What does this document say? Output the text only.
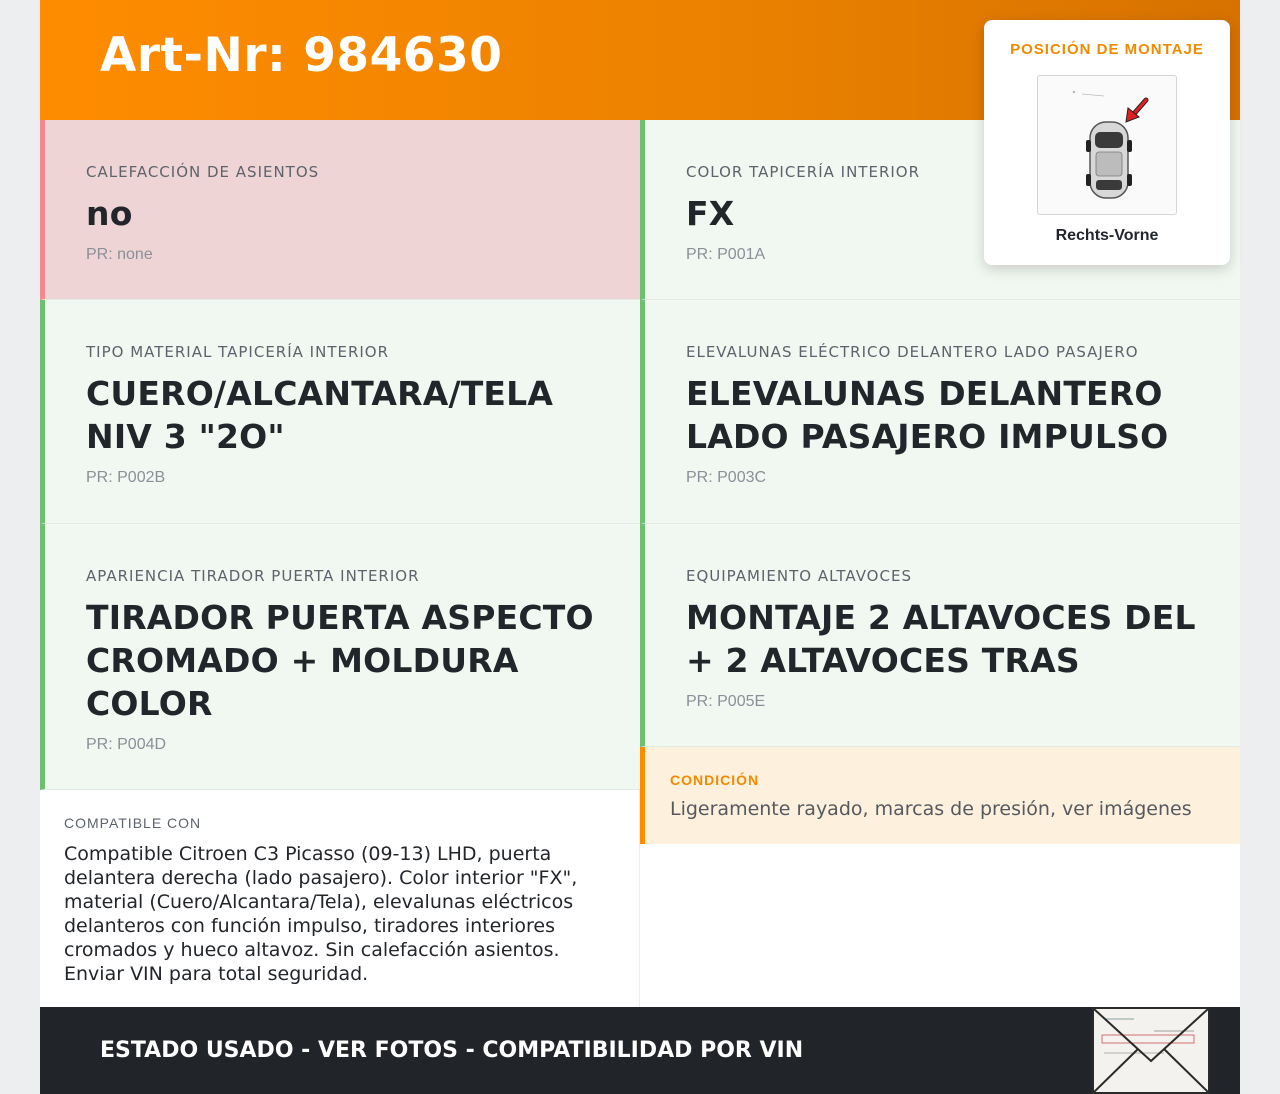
Art-Nr: 984630
CALEFACCIÓN DE ASIENTOS
no
PR: none
COLOR TAPICERÍA INTERIOR
FX
PR: P001A
TIPO MATERIAL TAPICERÍA INTERIOR
CUERO/ALCANTARA/TELA NIV 3 "2O"
PR: P002B
ELEVALUNAS ELÉCTRICO DELANTERO LADO PASAJERO
ELEVALUNAS DELANTERO LADO PASAJERO IMPULSO
PR: P003C
APARIENCIA TIRADOR PUERTA INTERIOR
TIRADOR PUERTA ASPECTO CROMADO + MOLDURA COLOR
PR: P004D
EQUIPAMIENTO ALTAVOCES
MONTAJE 2 ALTAVOCES DEL + 2 ALTAVOCES TRAS
PR: P005E
CONDICIÓN
Ligeramente rayado, marcas de presión, ver imágenes
COMPATIBLE CON
Compatible Citroen C3 Picasso (09-13) LHD, puerta delantera derecha (lado pasajero). Color interior "FX", material (Cuero/Alcantara/Tela), elevalunas eléctricos delanteros con función impulso, tiradores interiores cromados y hueco altavoz. Sin calefacción asientos. Enviar VIN para total seguridad.
ESTADO USADO - VER FOTOS - COMPATIBILIDAD POR VIN
POSICIÓN DE MONTAJE
Rechts-Vorne
